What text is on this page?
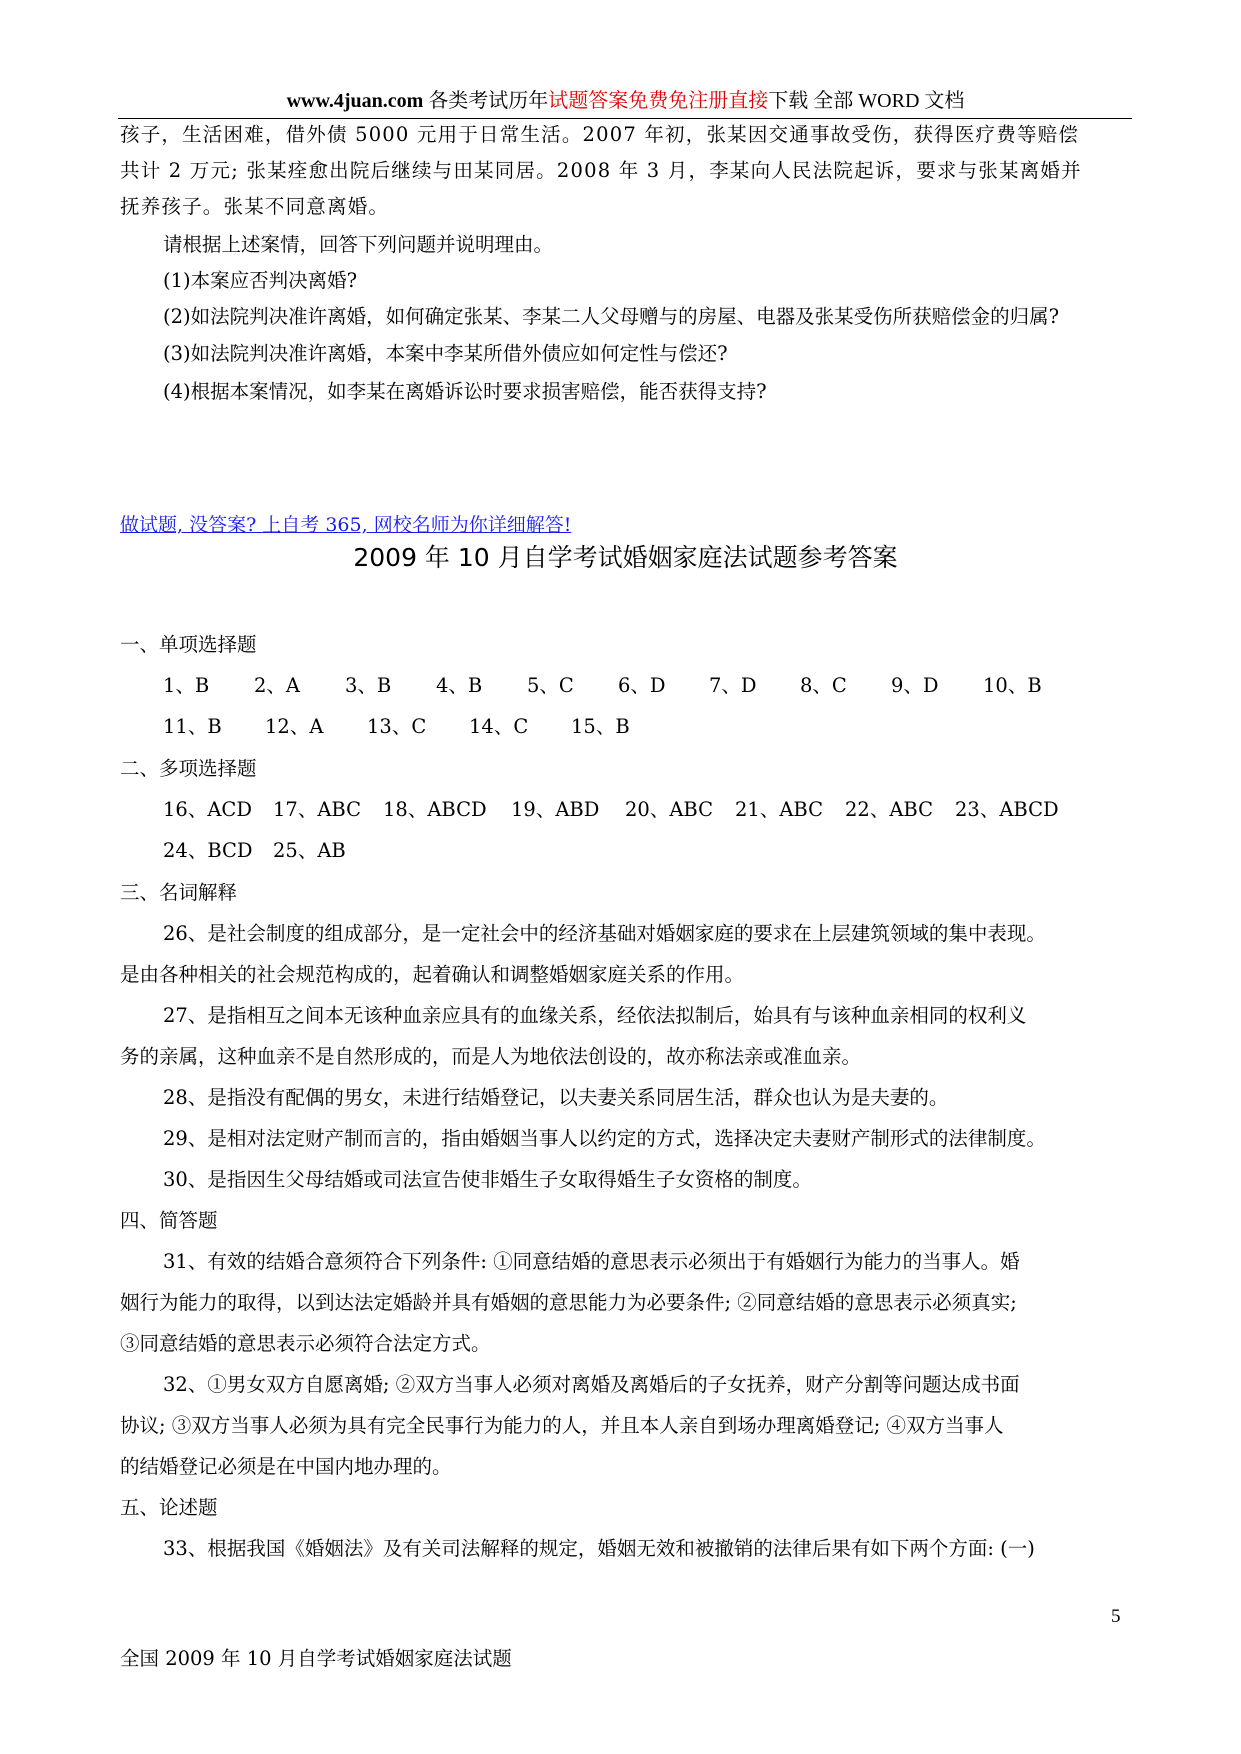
www.4juan.com 各类考试历年试题答案免费免注册直接下载 全部 WORD 文档
孩子，生活困难，借外债 5000 元用于日常生活。2007 年初，张某因交通事故受伤，获得医疗费等赔偿
共计 2 万元; 张某痊愈出院后继续与田某同居。2008 年 3 月，李某向人民法院起诉，要求与张某离婚并
抚养孩子。张某不同意离婚。
请根据上述案情，回答下列问题并说明理由。
(1)本案应否判决离婚?
(2)如法院判决准许离婚，如何确定张某、李某二人父母赠与的房屋、电器及张某受伤所获赔偿金的归属?
(3)如法院判决准许离婚，本案中李某所借外债应如何定性与偿还?
(4)根据本案情况，如李某在离婚诉讼时要求损害赔偿，能否获得支持?
做试题, 没答案? 上自考 365, 网校名师为你详细解答!
2009 年 10 月自学考试婚姻家庭法试题参考答案
一、单项选择题
1、B 2、A 3、B 4、B 5、C 6、D 7、D 8、C 9、D 10、B
11、B 12、A 13、C 14、C 15、B
二、多项选择题
16、ACD 17、ABC 18、ABCD 19、ABD 20、ABC 21、ABC 22、ABC 23、ABCD
24、BCD 25、AB
三、名词解释
26、是社会制度的组成部分，是一定社会中的经济基础对婚姻家庭的要求在上层建筑领域的集中表现。
是由各种相关的社会规范构成的，起着确认和调整婚姻家庭关系的作用。
27、是指相互之间本无该种血亲应具有的血缘关系，经依法拟制后，始具有与该种血亲相同的权利义
务的亲属，这种血亲不是自然形成的，而是人为地依法创设的，故亦称法亲或准血亲。
28、是指没有配偶的男女，未进行结婚登记，以夫妻关系同居生活，群众也认为是夫妻的。
29、是相对法定财产制而言的，指由婚姻当事人以约定的方式，选择决定夫妻财产制形式的法律制度。
30、是指因生父母结婚或司法宣告使非婚生子女取得婚生子女资格的制度。
四、简答题
31、有效的结婚合意须符合下列条件: ①同意结婚的意思表示必须出于有婚姻行为能力的当事人。婚
姻行为能力的取得，以到达法定婚龄并具有婚姻的意思能力为必要条件; ②同意结婚的意思表示必须真实;
③同意结婚的意思表示必须符合法定方式。
32、①男女双方自愿离婚; ②双方当事人必须对离婚及离婚后的子女抚养，财产分割等问题达成书面
协议; ③双方当事人必须为具有完全民事行为能力的人，并且本人亲自到场办理离婚登记; ④双方当事人
的结婚登记必须是在中国内地办理的。
五、论述题
33、根据我国《婚姻法》及有关司法解释的规定，婚姻无效和被撤销的法律后果有如下两个方面: (一)
5
全国 2009 年 10 月自学考试婚姻家庭法试题
